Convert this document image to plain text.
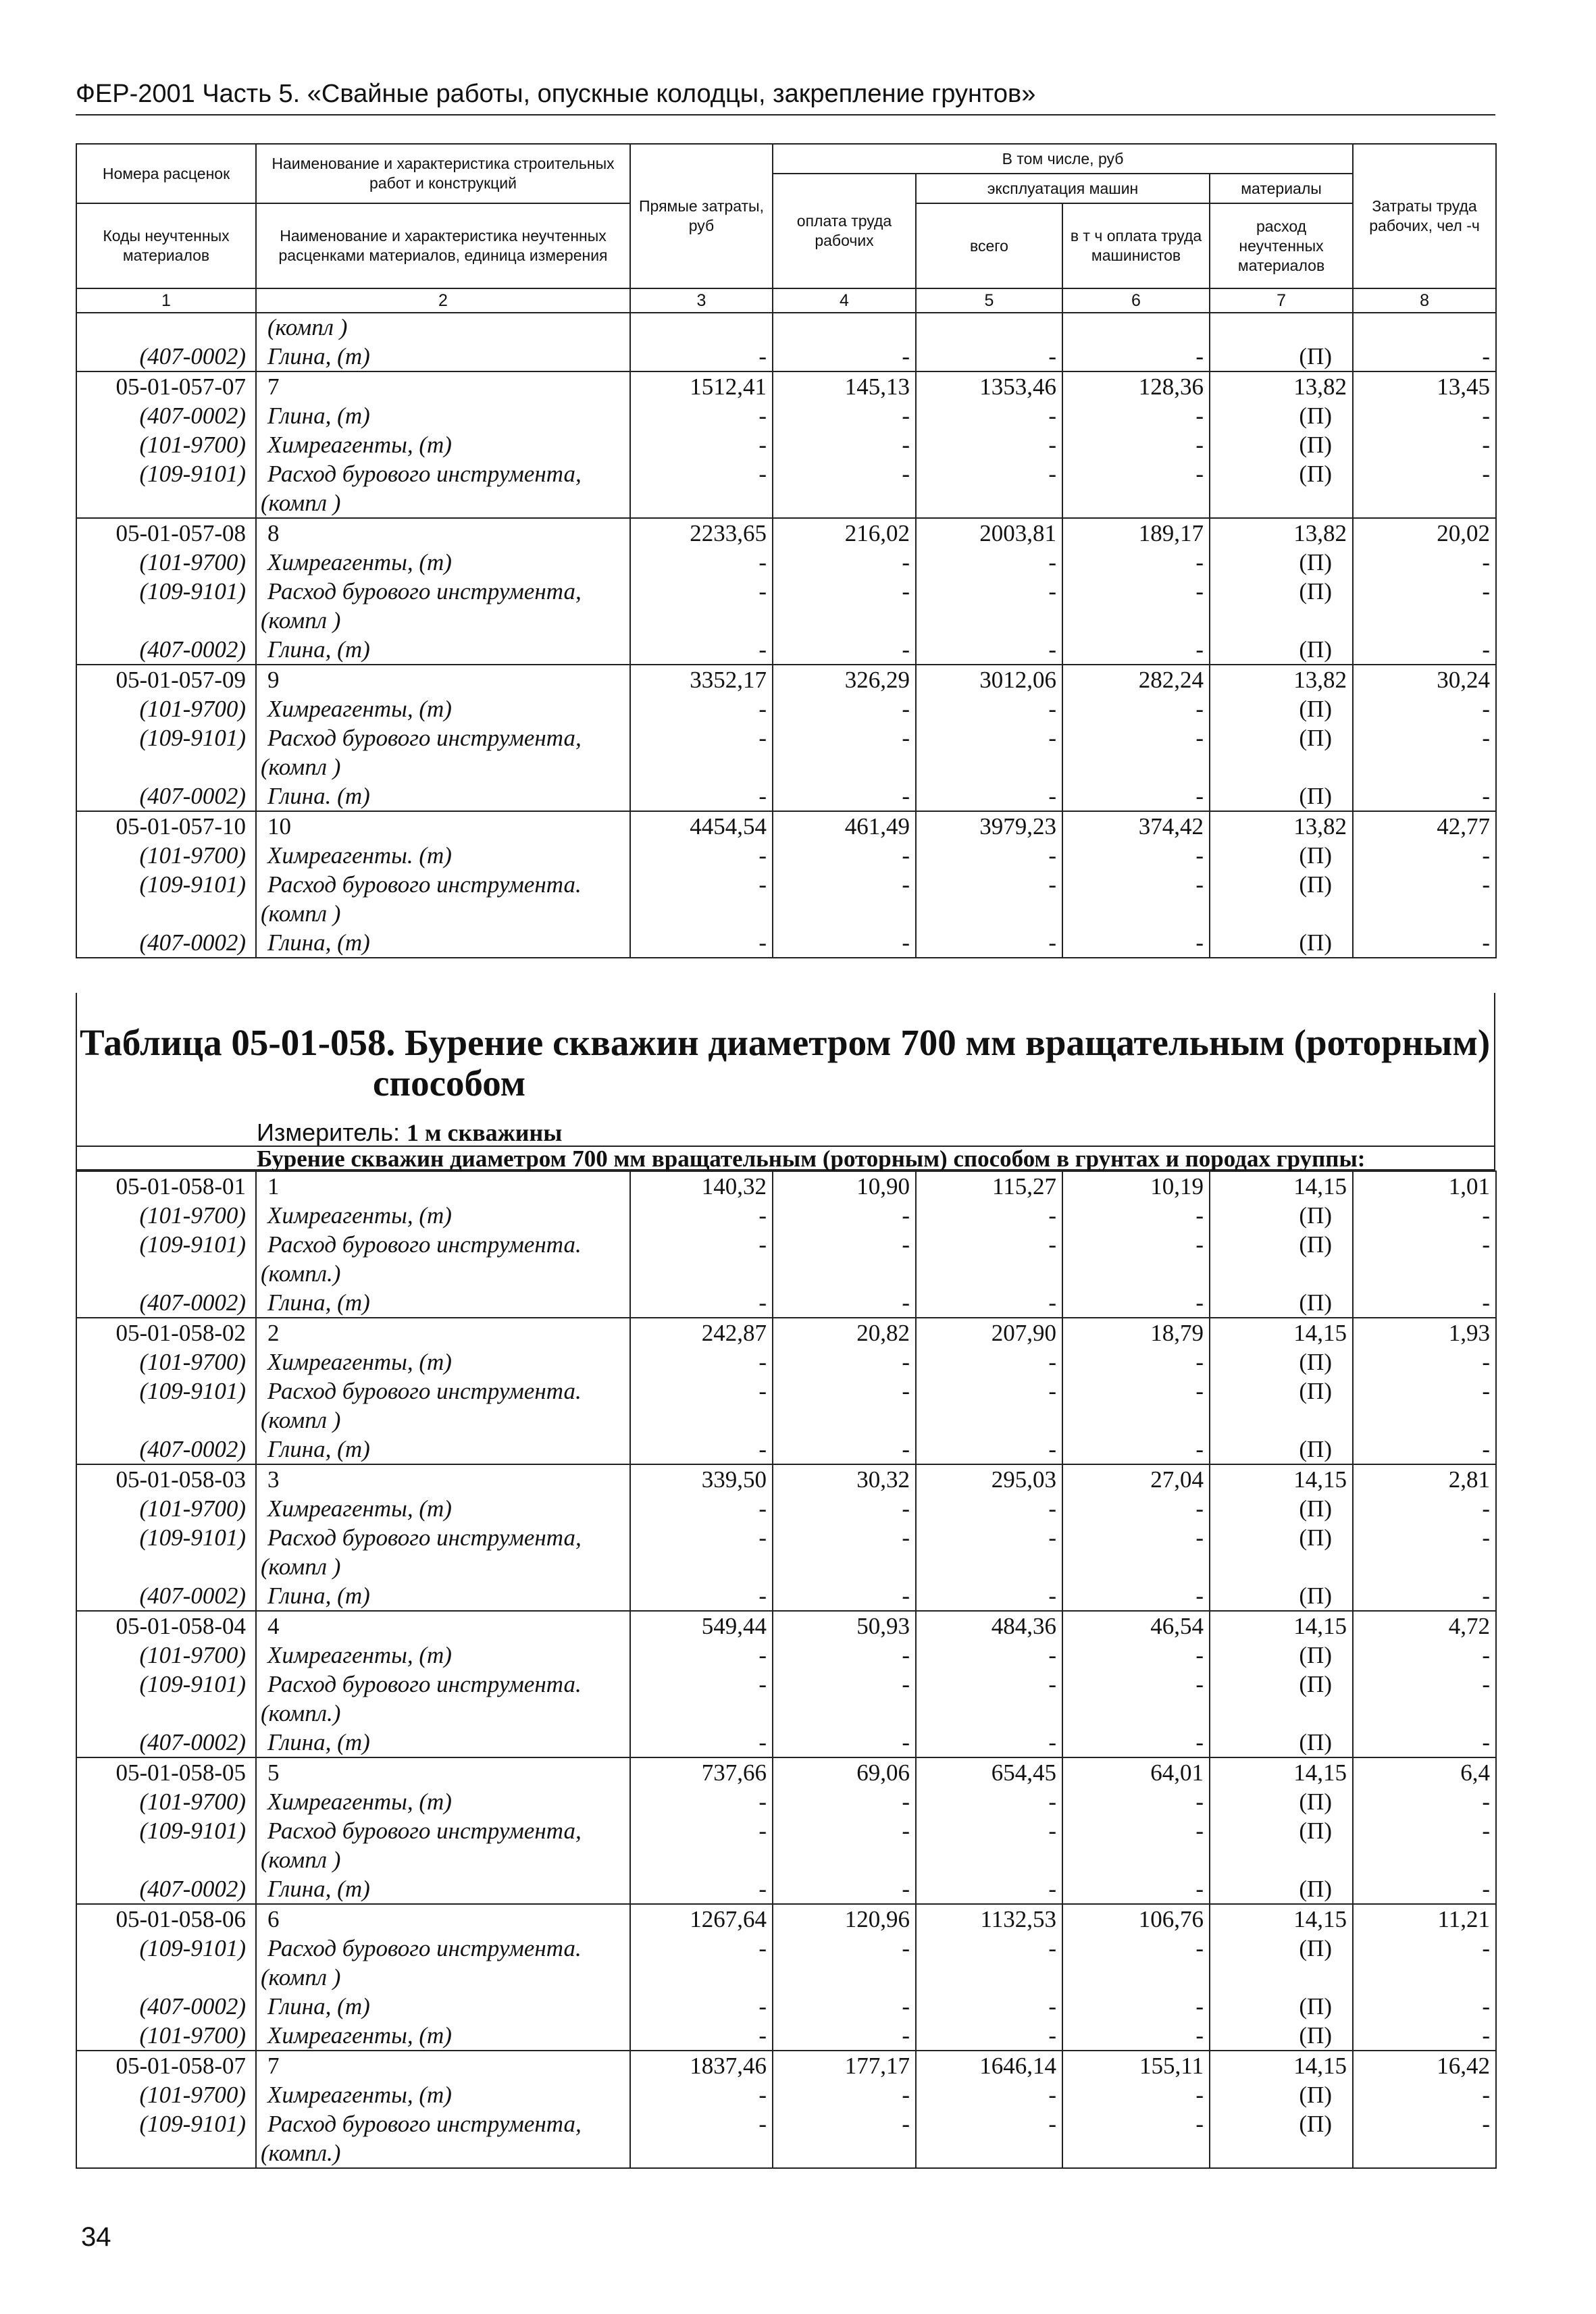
ФЕР-2001 Часть 5. «Свайные работы, опускные колодцы, закрепление грунтов»
Номера расценок	Наименование и характеристика строительных работ и конструкций	Прямые затраты, руб	В том числе, руб				Затраты труда рабочих, чел -ч
			оплата труда рабочих	эксплуатация машин		материалы	
Коды неучтенных материалов	Наименование и характеристика неучтенных расценками материалов, единица измерения			всего	в т ч оплата труда машинистов	расход неучтенных материалов	

1	2	3	4	5	6	7	8
	(компл )						
(407-0002)	Глина, (т)	-	-	-	-	(П)	-
05-01-057-07	7	1512,41	145,13	1353,46	128,36	13,82	13,45
(407-0002)	Глина, (т)	-	-	-	-	(П)	-
(101-9700)	Химреагенты, (т)	-	-	-	-	(П)	-
(109-9101)	Расход бурового инструмента,
(компл )	-	-	-	-	(П)	-
05-01-057-08	8	2233,65	216,02	2003,81	189,17	13,82	20,02
(101-9700)	Химреагенты, (т)	-	-	-	-	(П)	-
(109-9101)	Расход бурового инструмента,
(компл )	-	-	-	-	(П)	-
(407-0002)	Глина, (т)	-	-	-	-	(П)	-
05-01-057-09	9	3352,17	326,29	3012,06	282,24	13,82	30,24
(101-9700)	Химреагенты, (т)	-	-	-	-	(П)	-
(109-9101)	Расход бурового инструмента,
(компл )	-	-	-	-	(П)	-
(407-0002)	Глина. (т)	-	-	-	-	(П)	-
05-01-057-10	10	4454,54	461,49	3979,23	374,42	13,82	42,77
(101-9700)	Химреагенты. (т)	-	-	-	-	(П)	-
(109-9101)	Расход бурового инструмента.
(компл )	-	-	-	-	(П)	-
(407-0002)	Глина, (т)	-	-	-	-	(П)	-
Таблица 05-01-058. Бурение скважин диаметром 700 мм вращательным (роторным)
способом
Измеритель: 1 м скважины
Бурение скважин диаметром 700 мм вращательным (роторным) способом в грунтах и породах группы:
05-01-058-01	1	140,32	10,90	115,27	10,19	14,15	1,01
(101-9700)	Химреагенты, (т)	-	-	-	-	(П)	-
(109-9101)	Расход бурового инструмента.
(компл.)	-	-	-	-	(П)	-
(407-0002)	Глина, (т)	-	-	-	-	(П)	-
05-01-058-02	2	242,87	20,82	207,90	18,79	14,15	1,93
(101-9700)	Химреагенты, (т)	-	-	-	-	(П)	-
(109-9101)	Расход бурового инструмента.
(компл )	-	-	-	-	(П)	-
(407-0002)	Глина, (т)	-	-	-	-	(П)	-
05-01-058-03	3	339,50	30,32	295,03	27,04	14,15	2,81
(101-9700)	Химреагенты, (т)	-	-	-	-	(П)	-
(109-9101)	Расход бурового инструмента,
(компл )	-	-	-	-	(П)	-
(407-0002)	Глина, (т)	-	-	-	-	(П)	-
05-01-058-04	4	549,44	50,93	484,36	46,54	14,15	4,72
(101-9700)	Химреагенты, (т)	-	-	-	-	(П)	-
(109-9101)	Расход бурового инструмента.
(компл.)	-	-	-	-	(П)	-
(407-0002)	Глина, (т)	-	-	-	-	(П)	-
05-01-058-05	5	737,66	69,06	654,45	64,01	14,15	6,4
(101-9700)	Химреагенты, (т)	-	-	-	-	(П)	-
(109-9101)	Расход бурового инструмента,
(компл )	-	-	-	-	(П)	-
(407-0002)	Глина, (т)	-	-	-	-	(П)	-
05-01-058-06	6	1267,64	120,96	1132,53	106,76	14,15	11,21
(109-9101)	Расход бурового инструмента.
(компл )	-	-	-	-	(П)	-
(407-0002)	Глина, (т)	-	-	-	-	(П)	-
(101-9700)	Химреагенты, (т)	-	-	-	-	(П)	-
05-01-058-07	7	1837,46	177,17	1646,14	155,11	14,15	16,42
(101-9700)	Химреагенты, (т)	-	-	-	-	(П)	-
(109-9101)	Расход бурового инструмента,
(компл.)	-	-	-	-	(П)	-
34
